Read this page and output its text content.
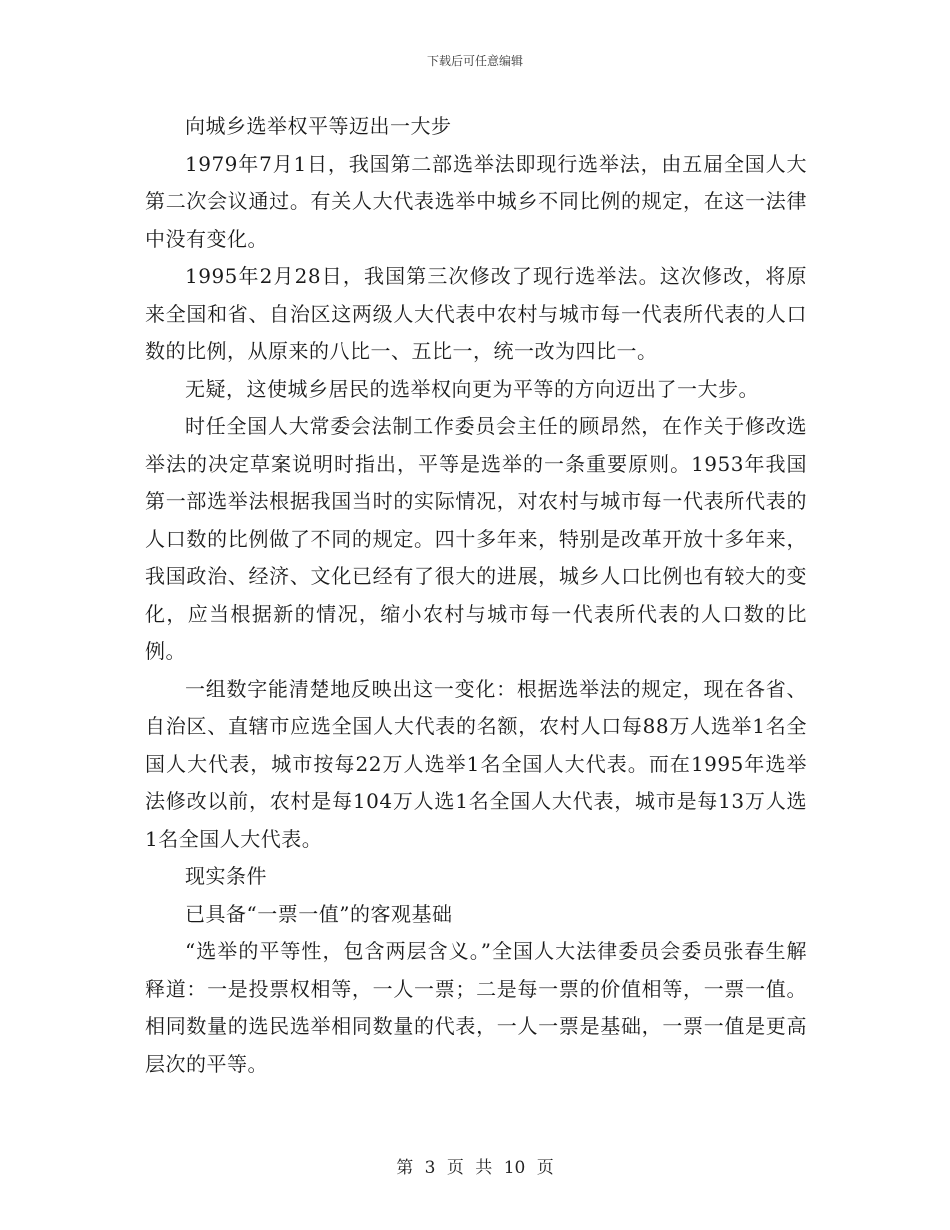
下载后可任意编辑

向城乡选举权平等迈出一大步

1979年7月1日，我国第二部选举法即现行选举法，由五届全国人大第二次会议通过。有关人大代表选举中城乡不同比例的规定，在这一法律中没有变化。

1995年2月28日，我国第三次修改了现行选举法。这次修改，将原来全国和省、自治区这两级人大代表中农村与城市每一代表所代表的人口数的比例，从原来的八比一、五比一，统一改为四比一。

无疑，这使城乡居民的选举权向更为平等的方向迈出了一大步。

时任全国人大常委会法制工作委员会主任的顾昂然，在作关于修改选举法的决定草案说明时指出，平等是选举的一条重要原则。1953年我国第一部选举法根据我国当时的实际情况，对农村与城市每一代表所代表的人口数的比例做了不同的规定。四十多年来，特别是改革开放十多年来，我国政治、经济、文化已经有了很大的进展，城乡人口比例也有较大的变化，应当根据新的情况，缩小农村与城市每一代表所代表的人口数的比例。

一组数字能清楚地反映出这一变化：根据选举法的规定，现在各省、自治区、直辖市应选全国人大代表的名额，农村人口每88万人选举1名全国人大代表，城市按每22万人选举1名全国人大代表。而在1995年选举法修改以前，农村是每104万人选1名全国人大代表，城市是每13万人选1名全国人大代表。

现实条件

已具备“一票一值”的客观基础

“选举的平等性，包含两层含义。”全国人大法律委员会委员张春生解释道：一是投票权相等，一人一票；二是每一票的价值相等，一票一值。相同数量的选民选举相同数量的代表，一人一票是基础，一票一值是更高层次的平等。

第 3 页 共 10 页
